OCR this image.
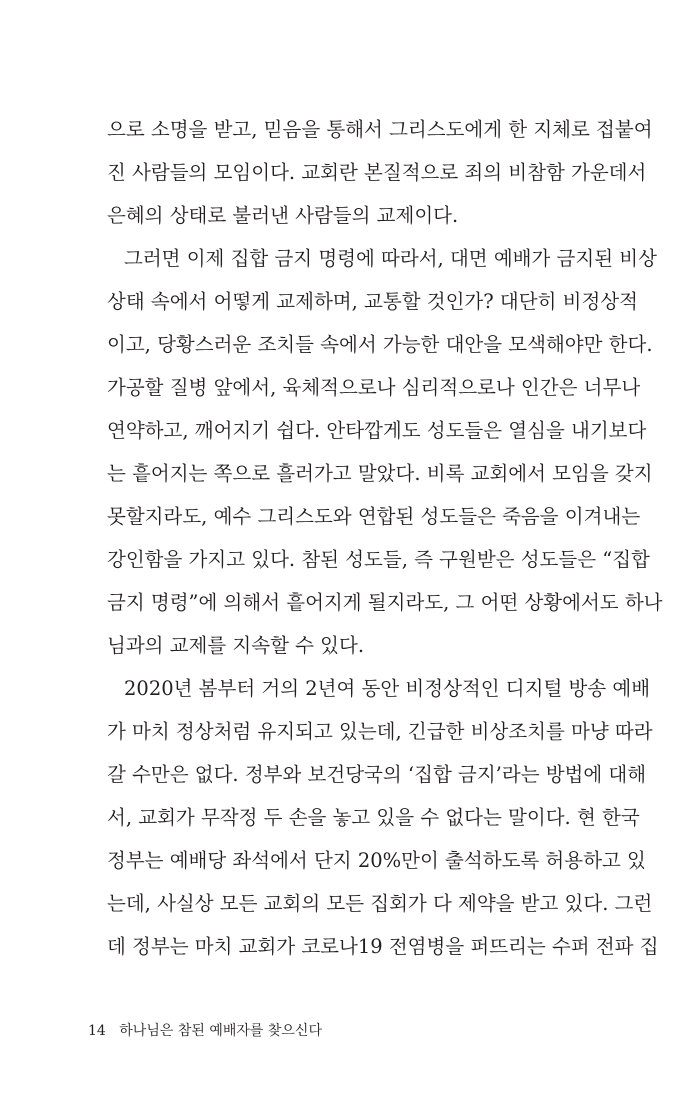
으로 소명을 받고, 믿음을 통해서 그리스도에게 한 지체로 접붙여
진 사람들의 모임이다. 교회란 본질적으로 죄의 비참함 가운데서
은혜의 상태로 불러낸 사람들의 교제이다.
그러면 이제 집합 금지 명령에 따라서, 대면 예배가 금지된 비상
상태 속에서 어떻게 교제하며, 교통할 것인가? 대단히 비정상적
이고, 당황스러운 조치들 속에서 가능한 대안을 모색해야만 한다.
가공할 질병 앞에서, 육체적으로나 심리적으로나 인간은 너무나
연약하고, 깨어지기 쉽다. 안타깝게도 성도들은 열심을 내기보다
는 흩어지는 쪽으로 흘러가고 말았다. 비록 교회에서 모임을 갖지
못할지라도, 예수 그리스도와 연합된 성도들은 죽음을 이겨내는
강인함을 가지고 있다. 참된 성도들, 즉 구원받은 성도들은 “집합
금지 명령”에 의해서 흩어지게 될지라도, 그 어떤 상황에서도 하나
님과의 교제를 지속할 수 있다.
2020년 봄부터 거의 2년여 동안 비정상적인 디지털 방송 예배
가 마치 정상처럼 유지되고 있는데, 긴급한 비상조치를 마냥 따라
갈 수만은 없다. 정부와 보건당국의 ‘집합 금지’라는 방법에 대해
서, 교회가 무작정 두 손을 놓고 있을 수 없다는 말이다. 현 한국
정부는 예배당 좌석에서 단지 20%만이 출석하도록 허용하고 있
는데, 사실상 모든 교회의 모든 집회가 다 제약을 받고 있다. 그런
데 정부는 마치 교회가 코로나19 전염병을 퍼뜨리는 수퍼 전파 집
14 하나님은 참된 예배자를 찾으신다
